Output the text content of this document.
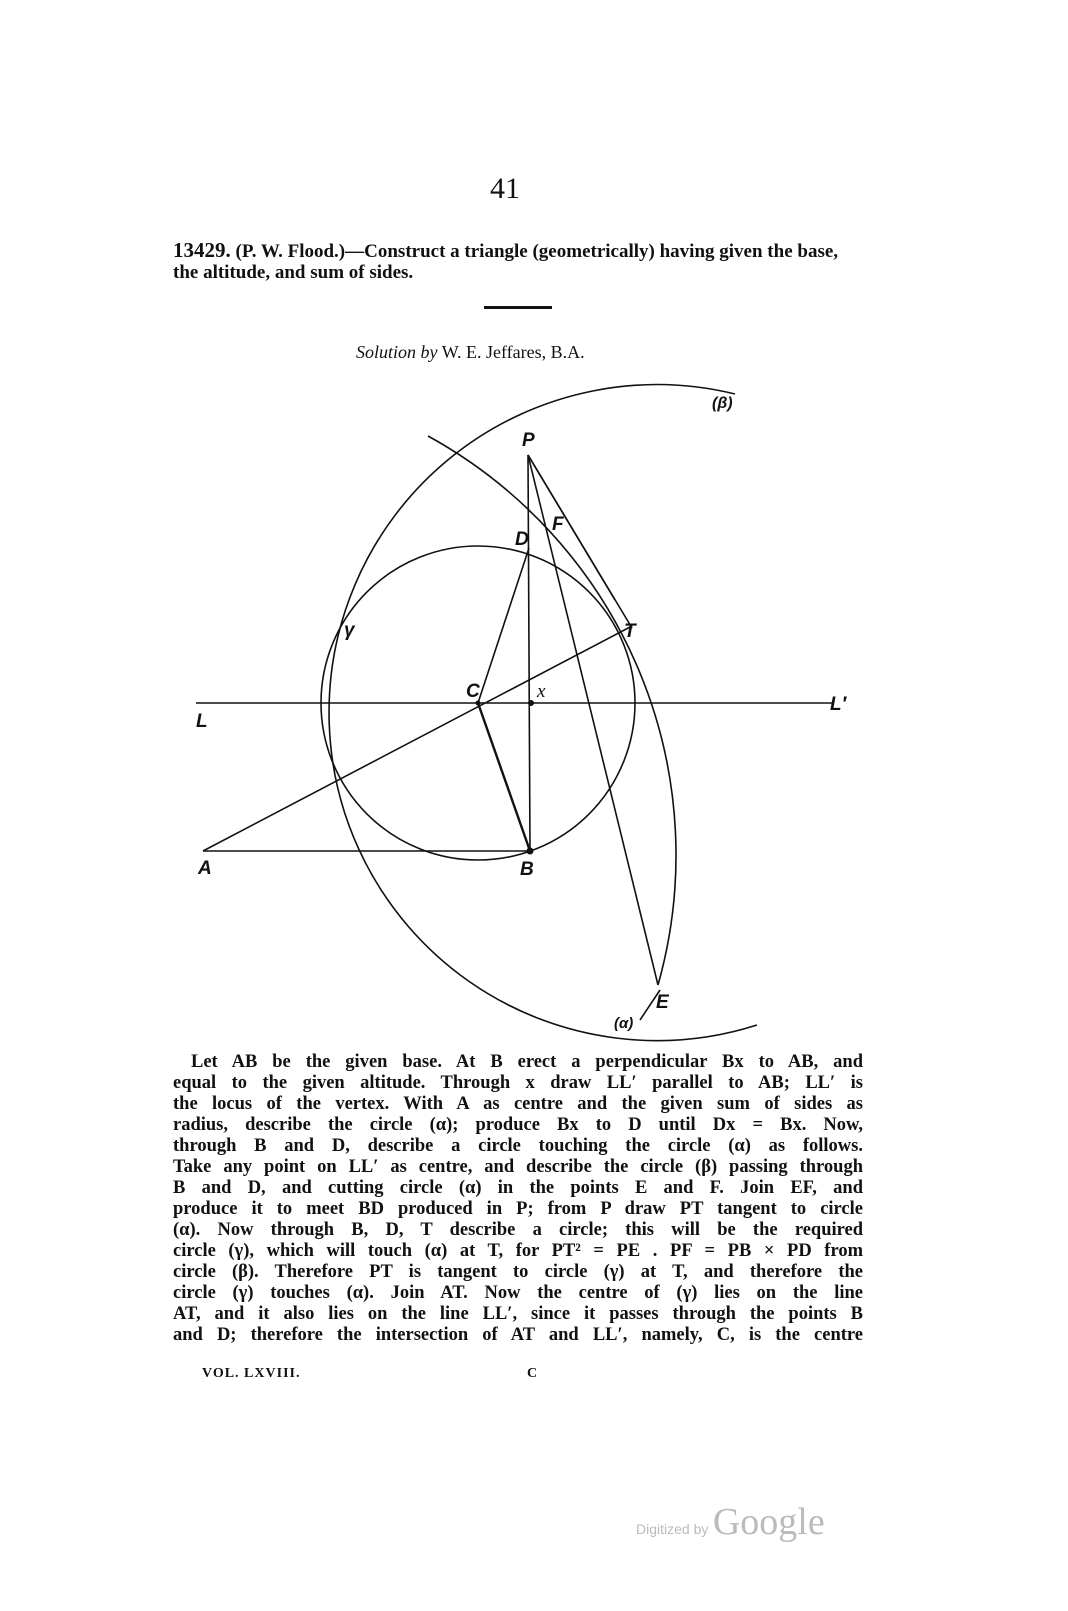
41
13429. (P. W. Flood.)—Construct a triangle (geometrically) having given the base, the altitude, and sum of sides.
Solution by W. E. Jeffares, B.A.
P
F
D
T
C	x
L
L′
A	B
E
(α)
(β)
γ
Let AB be the given base. At B erect a perpendicular Bx to AB, and
equal to the given altitude. Through x draw LL′ parallel to AB; LL′ is
the locus of the vertex. With A as centre and the given sum of sides as
radius, describe the circle (α); produce Bx to D until Dx = Bx. Now,
through B and D, describe a circle touching the circle (α) as follows.
Take any point on LL′ as centre, and describe the circle (β) passing through
B and D, and cutting circle (α) in the points E and F. Join EF, and
produce it to meet BD produced in P; from P draw PT tangent to circle
(α). Now through B, D, T describe a circle; this will be the required
circle (γ), which will touch (α) at T, for PT² = PE . PF = PB × PD from
circle (β). Therefore PT is tangent to circle (γ) at T, and therefore the
circle (γ) touches (α). Join AT. Now the centre of (γ) lies on the line
AT, and it also lies on the line LL′, since it passes through the points B
and D; therefore the intersection of AT and LL′, namely, C, is the centre
VOL. LXVIII.	C
Digitized by Google
